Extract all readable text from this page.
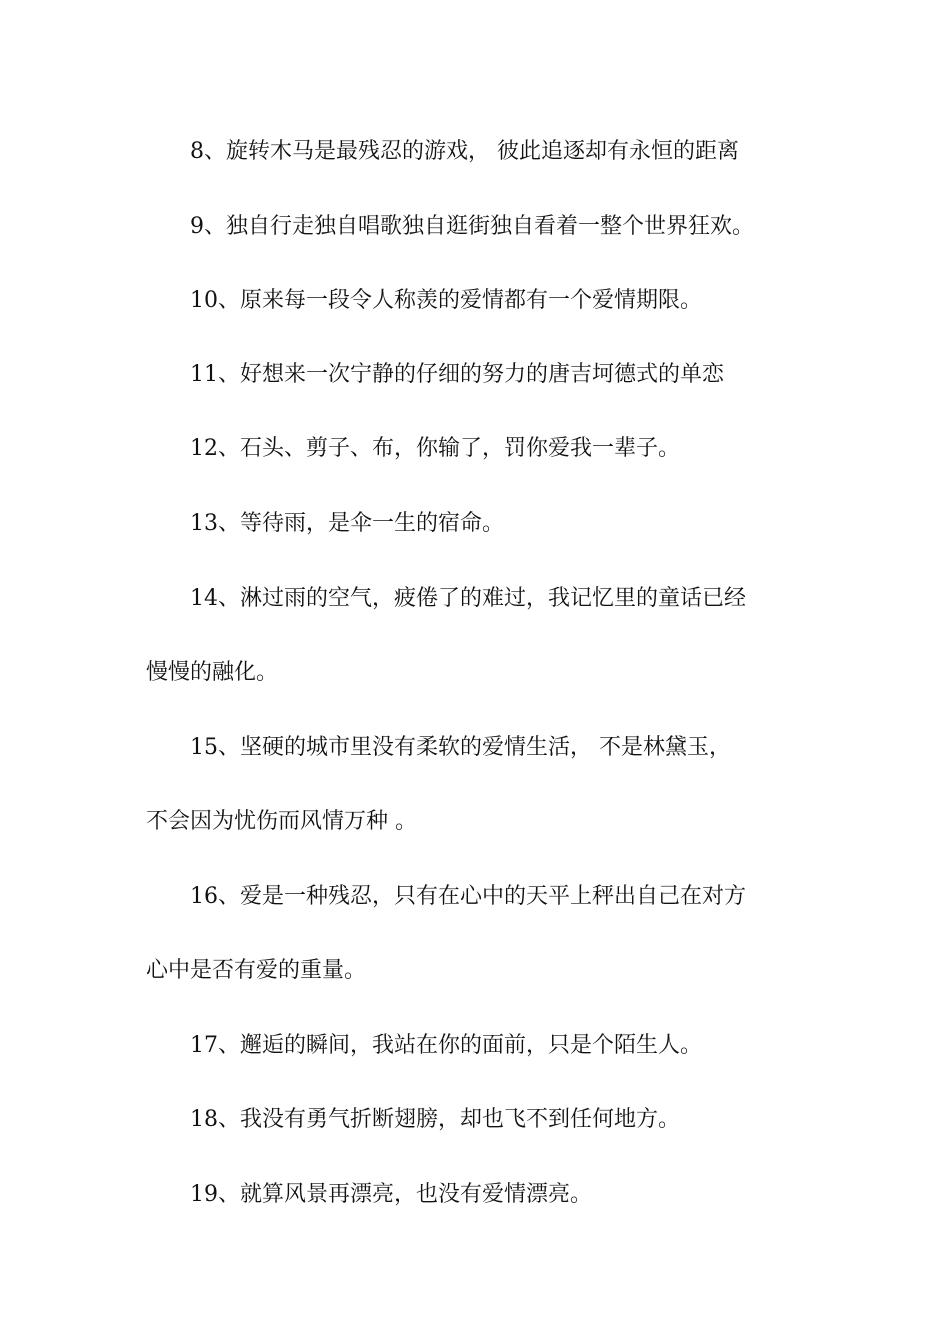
8、旋转木马是最残忍的游戏， 彼此追逐却有永恒的距离
9、独自行走独自唱歌独自逛街独自看着一整个世界狂欢。
10、原来每一段令人称羡的爱情都有一个爱情期限。
11、好想来一次宁静的仔细的努力的唐吉坷德式的单恋
12、石头、剪子、布，你输了，罚你爱我一辈子。
13、等待雨，是伞一生的宿命。
14、淋过雨的空气，疲倦了的难过，我记忆里的童话已经
慢慢的融化。
15、坚硬的城市里没有柔软的爱情生活， 不是林黛玉，
不会因为忧伤而风情万种 。
16、爱是一种残忍，只有在心中的天平上秤出自己在对方
心中是否有爱的重量。
17、邂逅的瞬间，我站在你的面前，只是个陌生人。
18、我没有勇气折断翅膀，却也飞不到任何地方。
19、就算风景再漂亮，也没有爱情漂亮。
